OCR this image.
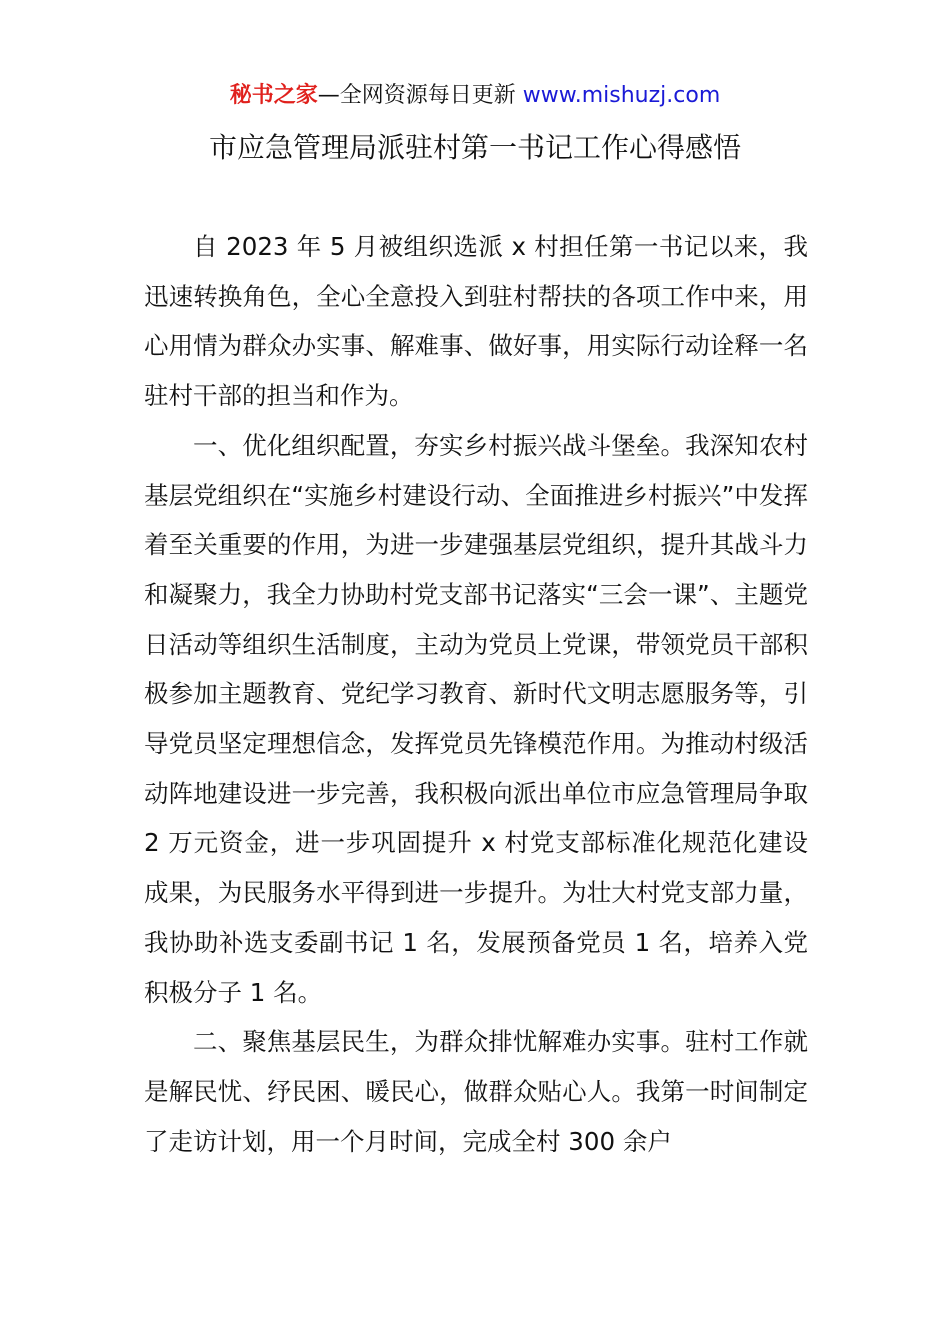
秘书之家—全网资源每日更新 www.mishuzj.com
市应急管理局派驻村第一书记工作心得感悟

自 2023 年 5 月被组织选派 x 村担任第一书记以来，我迅速转换角色，全心全意投入到驻村帮扶的各项工作中来，用心用情为群众办实事、解难事、做好事，用实际行动诠释一名驻村干部的担当和作为。

一、优化组织配置，夯实乡村振兴战斗堡垒。我深知农村基层党组织在“实施乡村建设行动、全面推进乡村振兴”中发挥着至关重要的作用，为进一步建强基层党组织，提升其战斗力和凝聚力，我全力协助村党支部书记落实“三会一课”、主题党日活动等组织生活制度，主动为党员上党课，带领党员干部积极参加主题教育、党纪学习教育、新时代文明志愿服务等，引导党员坚定理想信念，发挥党员先锋模范作用。为推动村级活动阵地建设进一步完善，我积极向派出单位市应急管理局争取 2 万元资金，进一步巩固提升 x 村党支部标准化规范化建设成果，为民服务水平得到进一步提升。为壮大村党支部力量，我协助补选支委副书记 1 名，发展预备党员 1 名，培养入党积极分子 1 名。

二、聚焦基层民生，为群众排忧解难办实事。驻村工作就是解民忧、纾民困、暖民心，做群众贴心人。我第一时间制定了走访计划，用一个月时间，完成全村 300 余户
